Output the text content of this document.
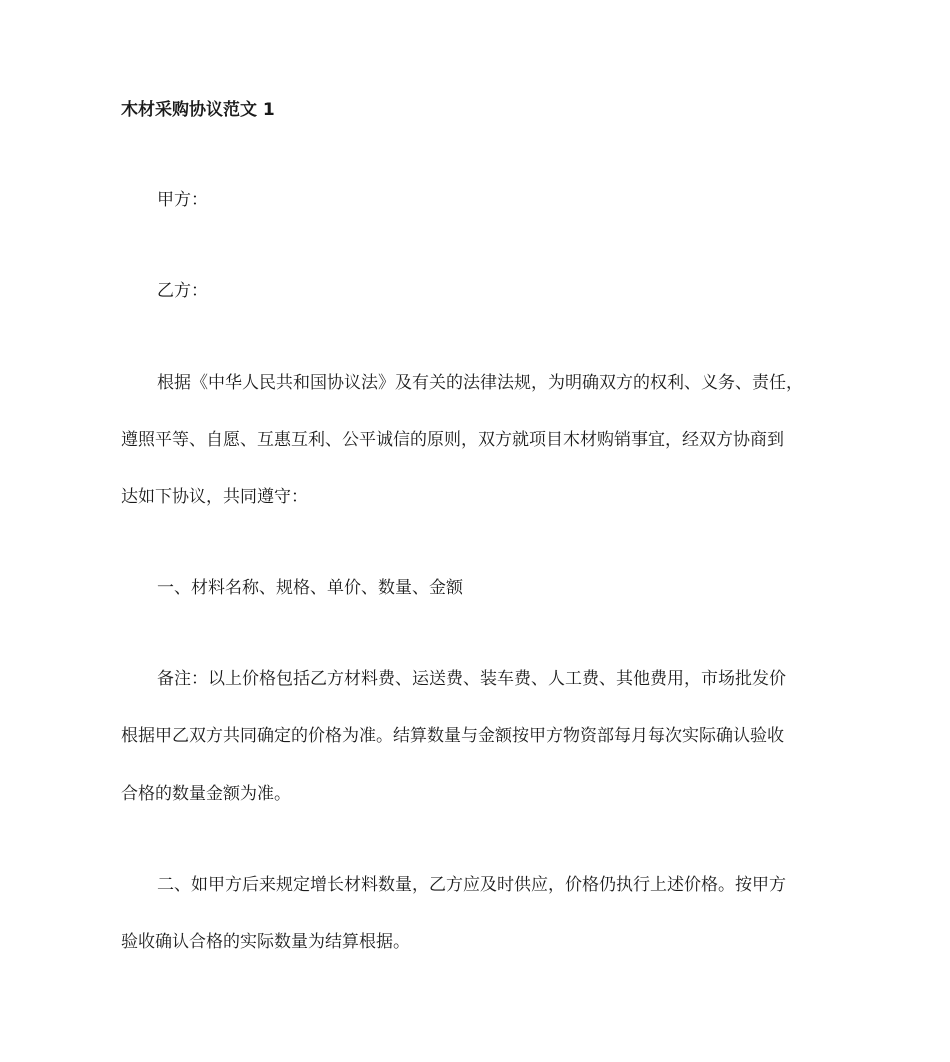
木材采购协议范文 1
甲方：
乙方：
根据《中华人民共和国协议法》及有关的法律法规，为明确双方的权利、义务、责任，
遵照平等、自愿、互惠互利、公平诚信的原则，双方就项目木材购销事宜，经双方协商到
达如下协议，共同遵守：
一、材料名称、规格、单价、数量、金额
备注：以上价格包括乙方材料费、运送费、装车费、人工费、其他费用，市场批发价
根据甲乙双方共同确定的价格为准。结算数量与金额按甲方物资部每月每次实际确认验收
合格的数量金额为准。
二、如甲方后来规定增长材料数量，乙方应及时供应，价格仍执行上述价格。按甲方
验收确认合格的实际数量为结算根据。
